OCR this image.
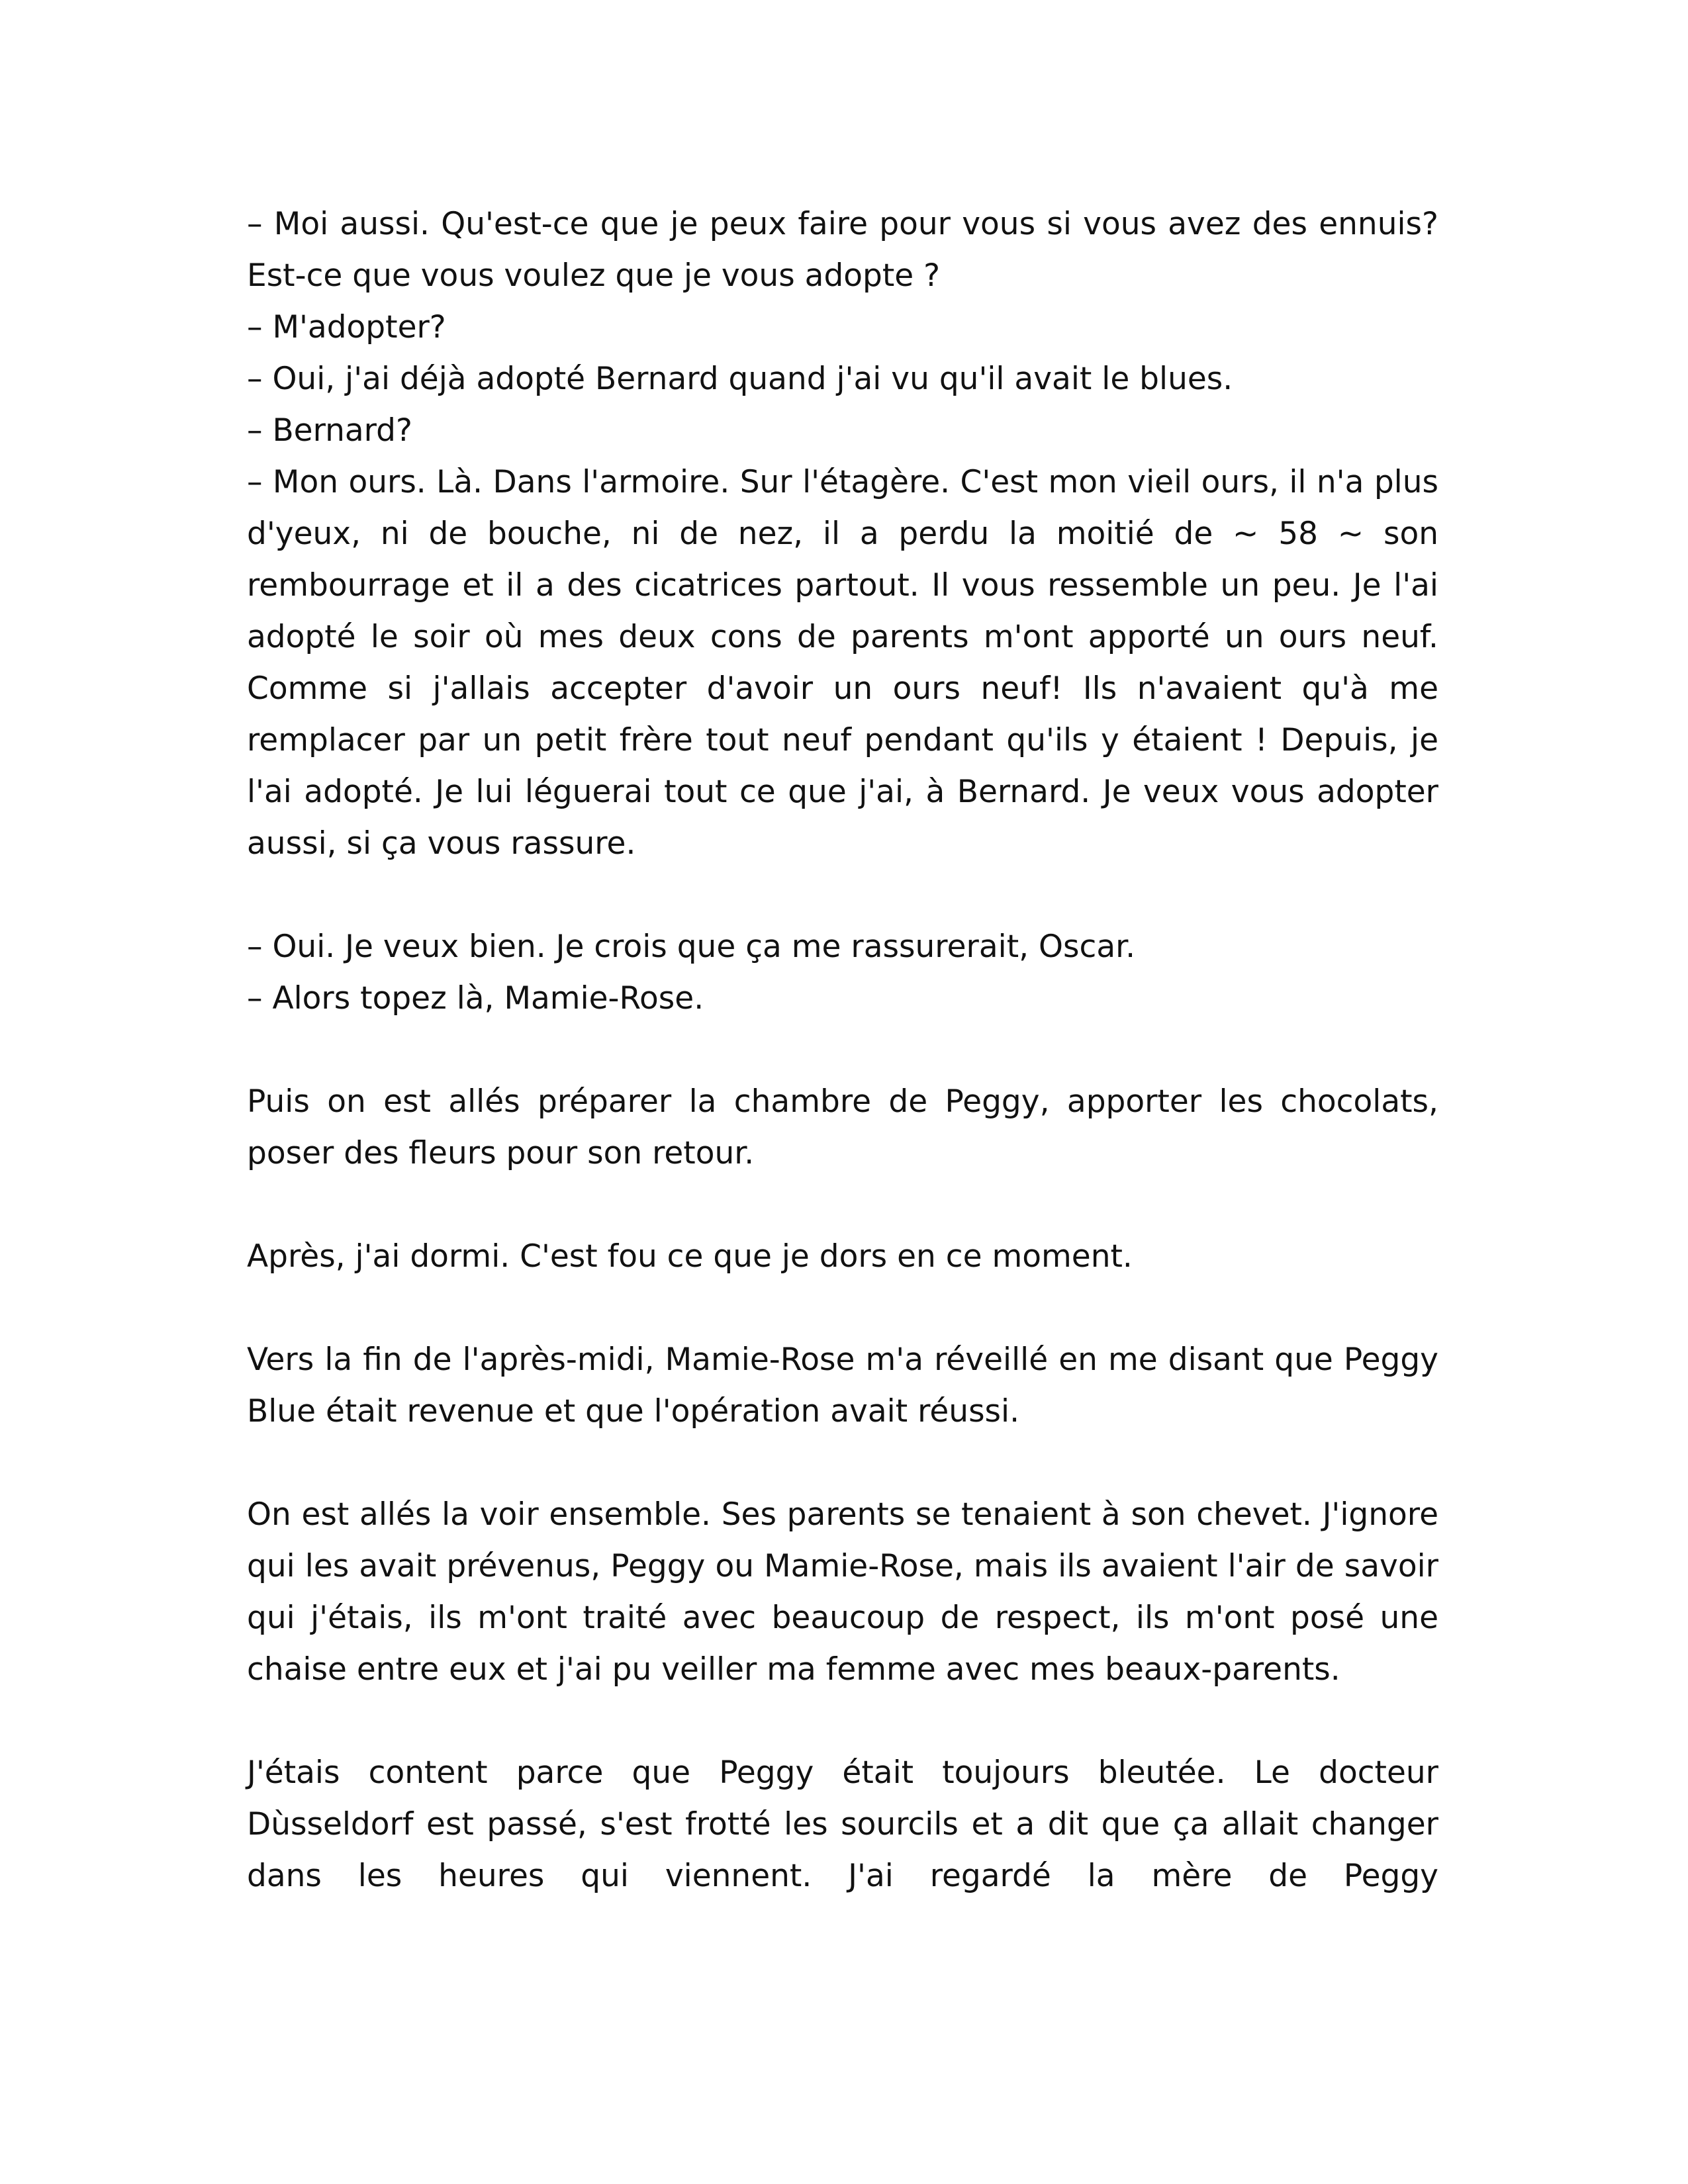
– Moi aussi. Qu'est-ce que je peux faire pour vous si vous avez des ennuis? Est-ce que vous voulez que je vous adopte ?
– M'adopter?
– Oui, j'ai déjà adopté Bernard quand j'ai vu qu'il avait le blues.
– Bernard?
– Mon ours. Là. Dans l'armoire. Sur l'étagère. C'est mon vieil ours, il n'a plus d'yeux, ni de bouche, ni de nez, il a perdu la moitié de ~ 58 ~ son rembourrage et il a des cicatrices partout. Il vous ressemble un peu. Je l'ai adopté le soir où mes deux cons de parents m'ont apporté un ours neuf. Comme si j'allais accepter d'avoir un ours neuf! Ils n'avaient qu'à me remplacer par un petit frère tout neuf pendant qu'ils y étaient ! Depuis, je l'ai adopté. Je lui léguerai tout ce que j'ai, à Bernard. Je veux vous adopter aussi, si ça vous rassure.
– Oui. Je veux bien. Je crois que ça me rassurerait, Oscar.
– Alors topez là, Mamie-Rose.
Puis on est allés préparer la chambre de Peggy, apporter les chocolats, poser des fleurs pour son retour.
Après, j'ai dormi. C'est fou ce que je dors en ce moment.
Vers la fin de l'après-midi, Mamie-Rose m'a réveillé en me disant que Peggy Blue était revenue et que l'opération avait réussi.
On est allés la voir ensemble. Ses parents se tenaient à son chevet. J'ignore qui les avait prévenus, Peggy ou Mamie-Rose, mais ils avaient l'air de savoir qui j'étais, ils m'ont traité avec beaucoup de respect, ils m'ont posé une chaise entre eux et j'ai pu veiller ma femme avec mes beaux-parents.
J'étais content parce que Peggy était toujours bleutée. Le docteur Dùsseldorf est passé, s'est frotté les sourcils et a dit que ça allait changer dans les heures qui viennent. J'ai regardé la mère de Peggy
